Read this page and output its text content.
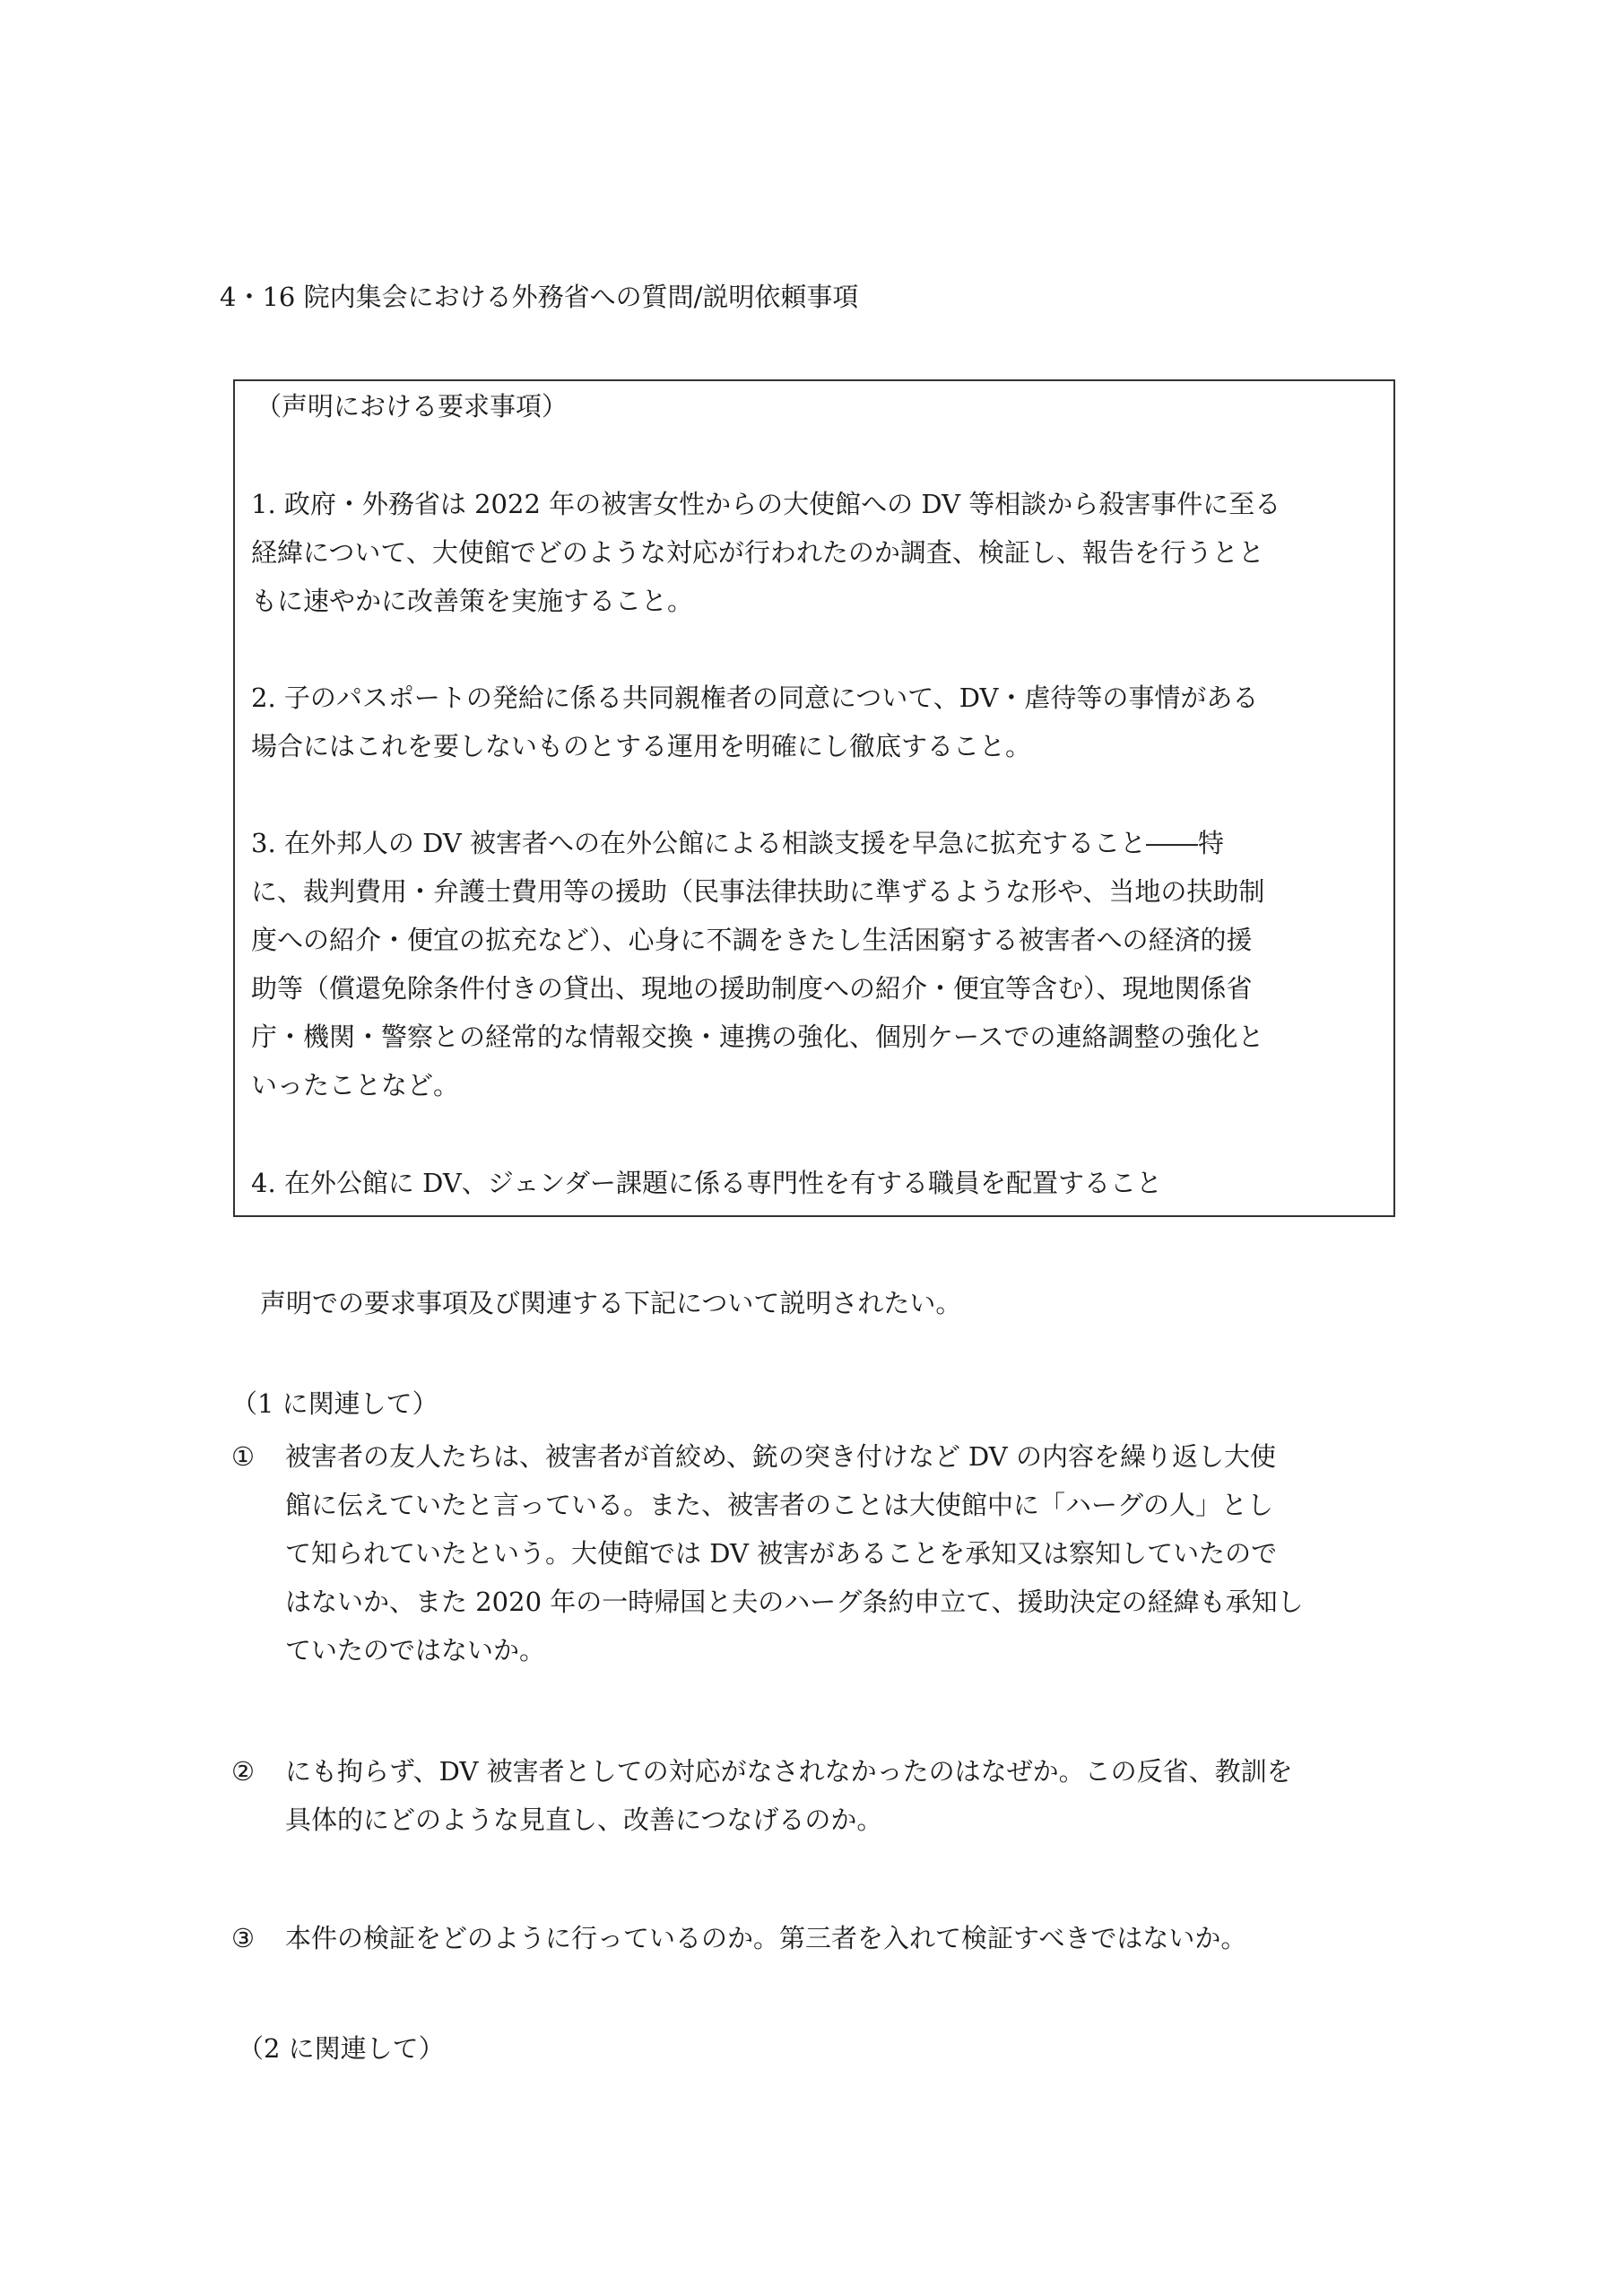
4・16 院内集会における外務省への質問/説明依頼事項
（声明における要求事項）
1. 政府・外務省は 2022 年の被害女性からの大使館への DV 等相談から殺害事件に至る
経緯について、大使館でどのような対応が行われたのか調査、検証し、報告を行うとと
もに速やかに改善策を実施すること。
2. 子のパスポートの発給に係る共同親権者の同意について、DV・虐待等の事情がある
場合にはこれを要しないものとする運用を明確にし徹底すること。
3. 在外邦人の DV 被害者への在外公館による相談支援を早急に拡充すること――特
に、裁判費用・弁護士費用等の援助（民事法律扶助に準ずるような形や、当地の扶助制
度への紹介・便宜の拡充など）、心身に不調をきたし生活困窮する被害者への経済的援
助等（償還免除条件付きの貸出、現地の援助制度への紹介・便宜等含む）、現地関係省
庁・機関・警察との経常的な情報交換・連携の強化、個別ケースでの連絡調整の強化と
いったことなど。
4. 在外公館に DV、ジェンダー課題に係る専門性を有する職員を配置すること
声明での要求事項及び関連する下記について説明されたい。
（1 に関連して）
①	被害者の友人たちは、被害者が首絞め、銃の突き付けなど DV の内容を繰り返し大使
館に伝えていたと言っている。また、被害者のことは大使館中に「ハーグの人」とし
て知られていたという。大使館では DV 被害があることを承知又は察知していたので
はないか、また 2020 年の一時帰国と夫のハーグ条約申立て、援助決定の経緯も承知し
ていたのではないか。
②	にも拘らず、DV 被害者としての対応がなされなかったのはなぜか。この反省、教訓を
具体的にどのような見直し、改善につなげるのか。
③	本件の検証をどのように行っているのか。第三者を入れて検証すべきではないか。
（2 に関連して）
